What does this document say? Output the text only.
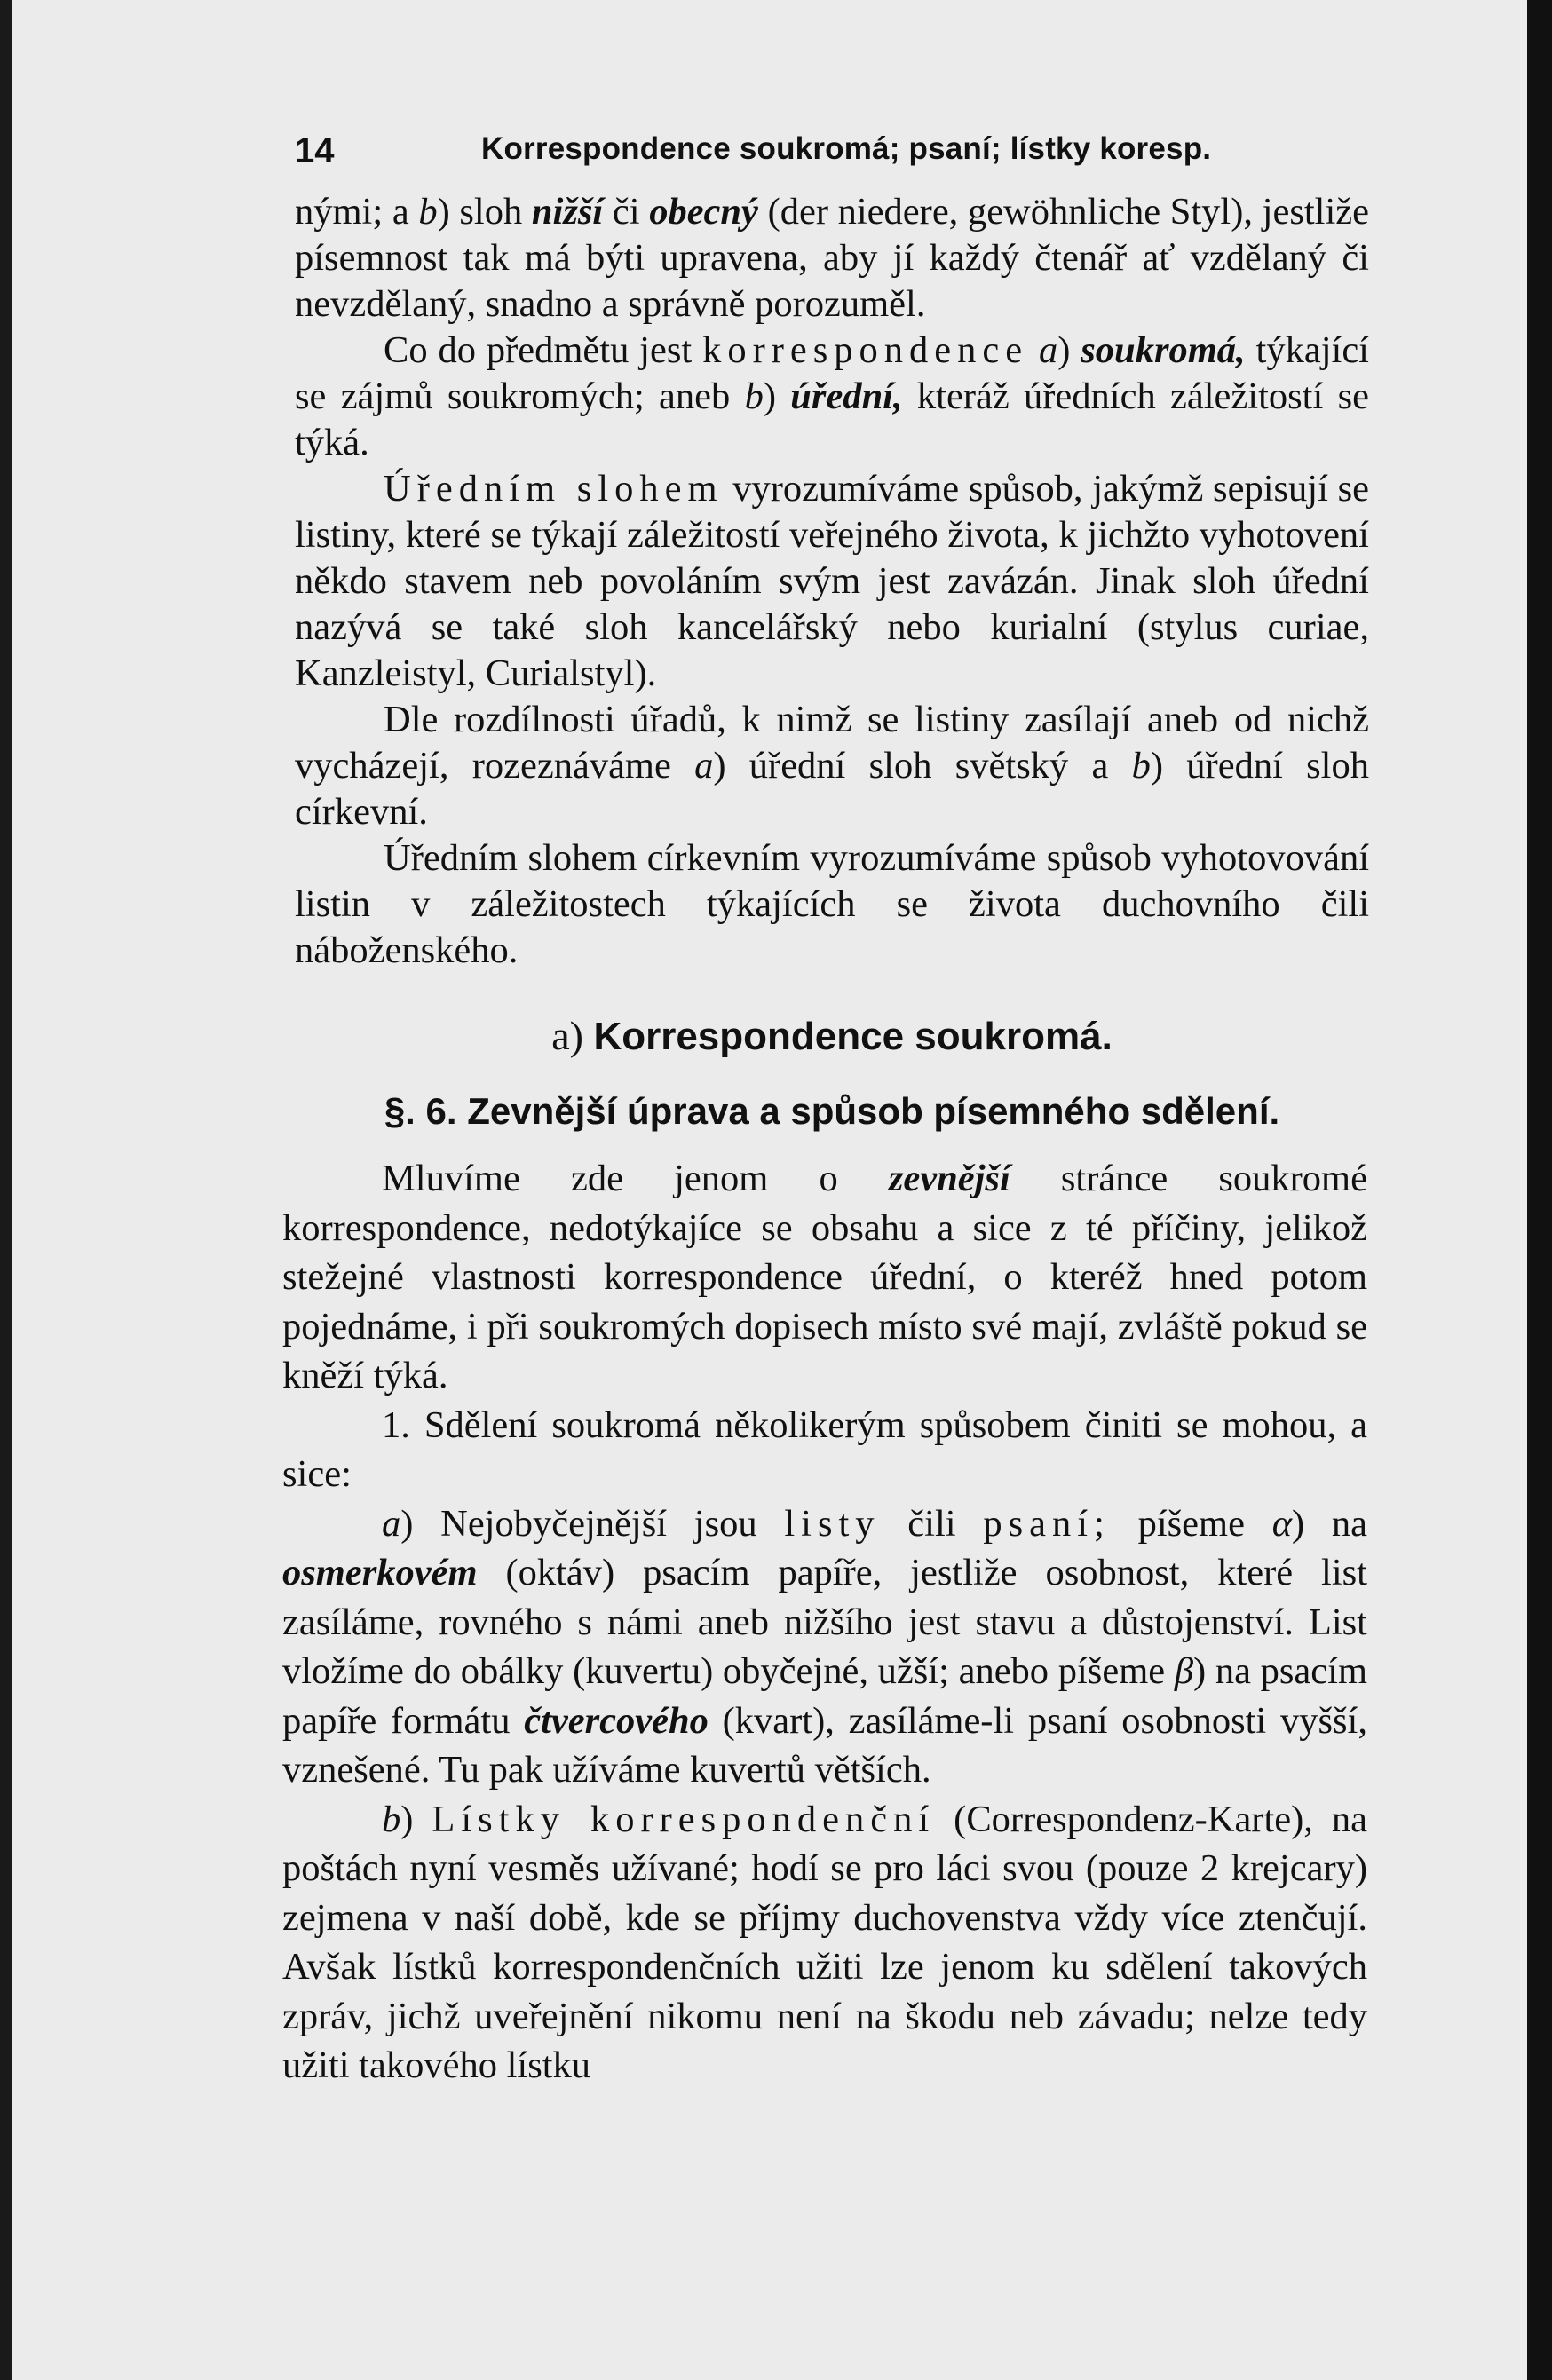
14	Korrespondence soukromá; psaní; lístky koresp.

nými; a b) sloh nižší či obecný (der niedere, gewöhnliche Styl), jestliže písemnost tak má býti upravena, aby jí každý čtenář ať vzdělaný či nevzdělaný, snadno a správně porozuměl.

Co do předmětu jest korrespondence a) soukromá, týkající se zájmů soukromých; aneb b) úřední, kteráž úředních záležitostí se týká.

Úředním slohem vyrozumíváme spůsob, jakýmž sepisují se listiny, které se týkají záležitostí veřejného života, k jichžto vyhotovení někdo stavem neb povoláním svým jest zavázán. Jinak sloh úřední nazývá se také sloh kancelářský nebo kurialní (stylus curiae, Kanzleistyl, Curialstyl).

Dle rozdílnosti úřadů, k nimž se listiny zasílají aneb od nichž vycházejí, rozeznáváme a) úřední sloh světský a b) úřední sloh církevní.

Úředním slohem církevním vyrozumíváme spůsob vyhotovování listin v záležitostech týkajících se života duchovního čili náboženského.

a) Korrespondence soukromá.
§. 6. Zevnější úprava a spůsob písemného sdělení.

Mluvíme zde jenom o zevnější stránce soukromé korrespondence, nedotýkajíce se obsahu a sice z té příčiny, jelikož stežejné vlastnosti korrespondence úřední, o kteréž hned potom pojednáme, i při soukromých dopisech místo své mají, zvláště pokud se kněží týká.

1. Sdělení soukromá několikerým spůsobem činiti se mohou, a sice:

a) Nejobyčejnější jsou listy čili psaní; píšeme α) na osmerkovém (oktáv) psacím papíře, jestliže osobnost, které list zasíláme, rovného s námi aneb nižšího jest stavu a důstojenství. List vložíme do obálky (kuvertu) obyčejné, užší; anebo píšeme β) na psacím papíře formátu čtvercového (kvart), zasíláme-li psaní osobnosti vyšší, vznešené. Tu pak užíváme kuvertů větších.

b) Lístky korrespondenční (Correspondenz-Karte), na poštách nyní vesměs užívané; hodí se pro láci svou (pouze 2 krejcary) zejmena v naší době, kde se příjmy duchovenstva vždy více ztenčují. Avšak lístků korrespondenčních užiti lze jenom ku sdělení takových zpráv, jichž uveřejnění nikomu není na škodu neb závadu; nelze tedy užiti takového lístku
